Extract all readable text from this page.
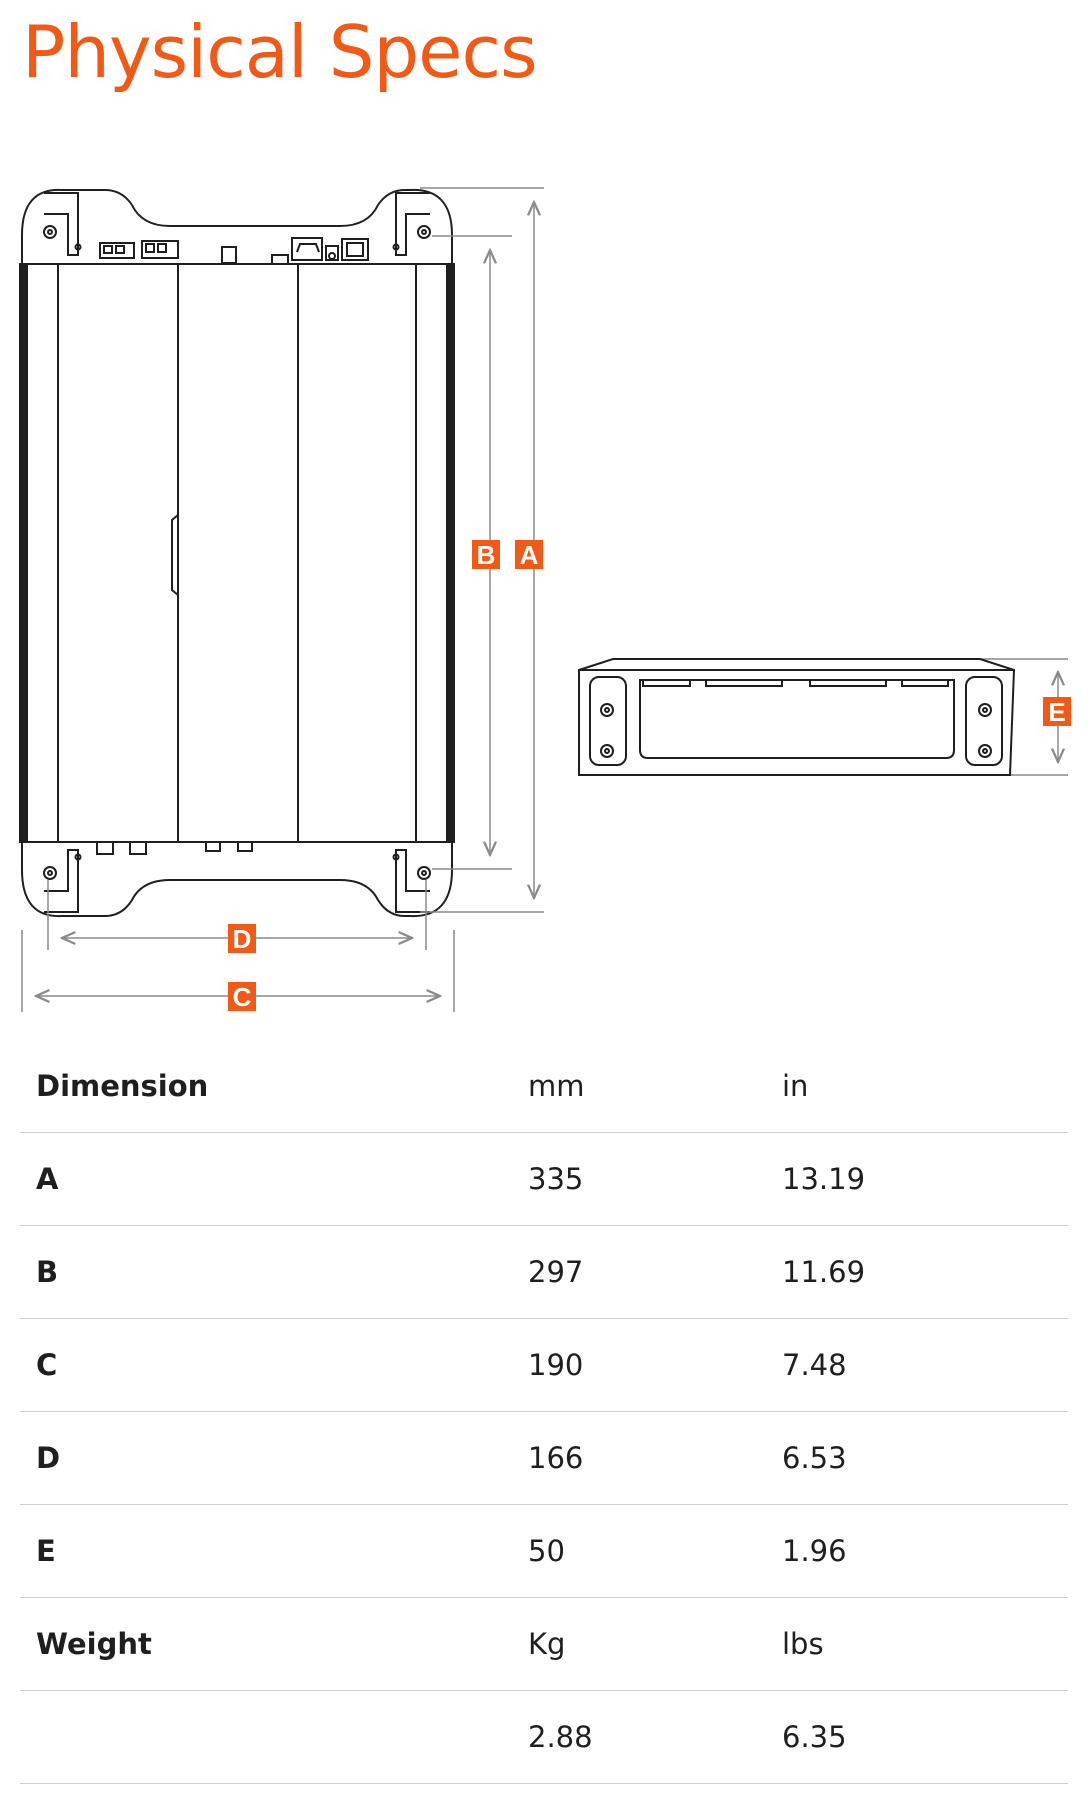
Physical Specs
B A
D
C
E
Dimension	mm	in
A	335	13.19
B	297	11.69
C	190	7.48
D	166	6.53
E	50	1.96
Weight	Kg	lbs
	2.88	6.35
